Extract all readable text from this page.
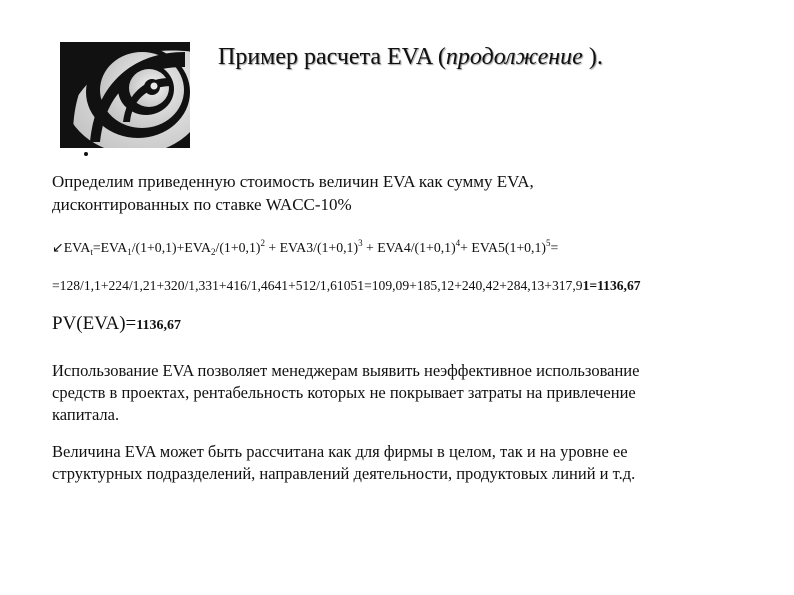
Пример расчета EVA (продолжение ).
Определим приведенную стоимость величин EVA как сумму EVA,
дисконтированных по ставке WACC-10%
$↙EVA_t=EVA_1/(1+0,1)+EVA_2/(1+0,1)^2 + EVA3/(1+0,1)^3 + EVA4/(1+0,1)^4+ EVA5(1+0,1)^5=$
=128/1,1+224/1,21+320/1,331+416/1,4641+512/1,61051=109,09+185,12+240,42+284,13+317,91=1136,67
PV(EVA)=1136,67
Использование EVA позволяет менеджерам выявить неэффективное использование
средств в проектах, рентабельность которых не покрывает затраты на привлечение
капитала.
Величина EVA может быть рассчитана как для фирмы в целом, так и на уровне ее
структурных подразделений, направлений деятельности, продуктовых линий и т.д.
